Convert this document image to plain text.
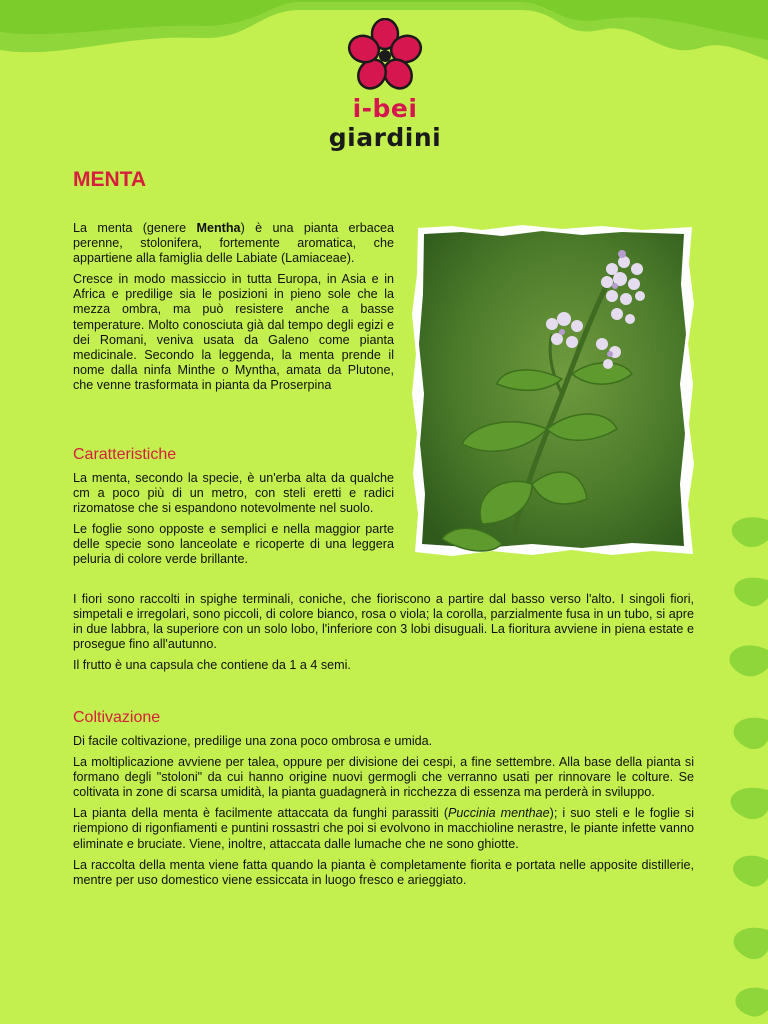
i-bei giardini
MENTA

La menta (genere Mentha) è una pianta erbacea perenne, stolonifera, fortemente aromatica, che appartiene alla famiglia delle Labiate (Lamiaceae).

Cresce in modo massiccio in tutta Europa, in Asia e in Africa e predilige sia le posizioni in pieno sole che la mezza ombra, ma può resistere anche a basse temperature. Molto conosciuta già dal tempo degli egizi e dei Romani, veniva usata da Galeno come pianta medicinale. Secondo la leggenda, la menta prende il nome dalla ninfa Minthe o Myntha, amata da Plutone, che venne trasformata in pianta da Proserpina

Caratteristiche

La menta, secondo la specie, è un'erba alta da qualche cm a poco più di un metro, con steli eretti e radici rizomatose che si espandono notevolmente nel suolo.

Le foglie sono opposte e semplici e nella maggior parte delle specie sono lanceolate e ricoperte di una leggera peluria di colore verde brillante.

I fiori sono raccolti in spighe terminali, coniche, che fioriscono a partire dal basso verso l'alto. I singoli fiori, simpetali e irregolari, sono piccoli, di colore bianco, rosa o viola; la corolla, parzialmente fusa in un tubo, si apre in due labbra, la superiore con un solo lobo, l'inferiore con 3 lobi disuguali. La fioritura avviene in piena estate e prosegue fino all'autunno.

Il frutto è una capsula che contiene da 1 a 4 semi.

Coltivazione

Di facile coltivazione, predilige una zona poco ombrosa e umida.

La moltiplicazione avviene per talea, oppure per divisione dei cespi, a fine settembre. Alla base della pianta si formano degli "stoloni" da cui hanno origine nuovi germogli che verranno usati per rinnovare le colture. Se coltivata in zone di scarsa umidità, la pianta guadagnerà in ricchezza di essenza ma perderà in sviluppo.

La pianta della menta è facilmente attaccata da funghi parassiti (Puccinia menthae); i suo steli e le foglie si riempiono di rigonfiamenti e puntini rossastri che poi si evolvono in macchioline nerastre, le piante infette vanno eliminate e bruciate. Viene, inoltre, attaccata dalle lumache che ne sono ghiotte.

La raccolta della menta viene fatta quando la pianta è completamente fiorita e portata nelle apposite distillerie, mentre per uso domestico viene essiccata in luogo fresco e arieggiato.
